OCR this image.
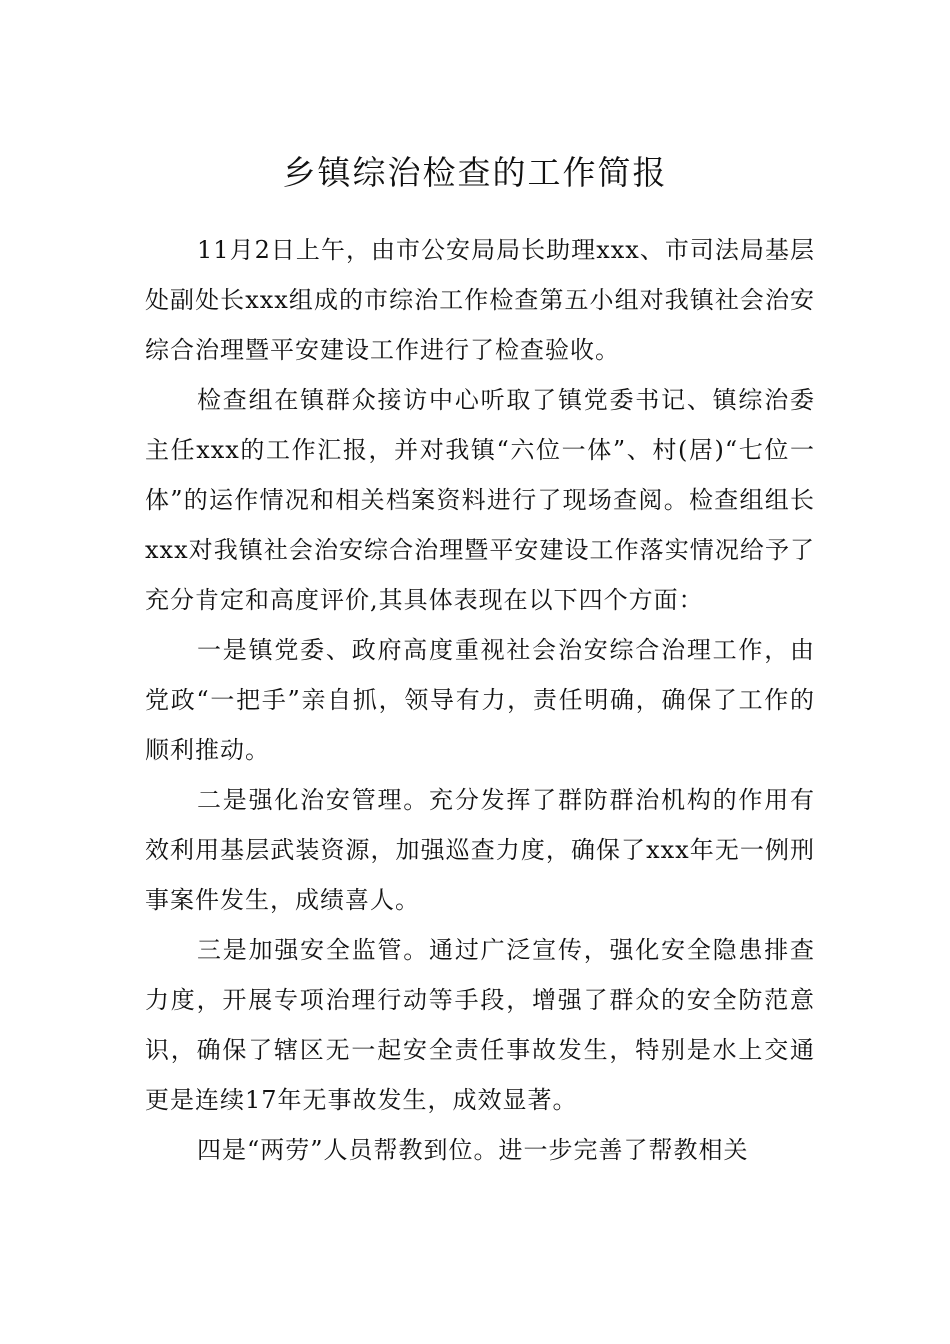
乡镇综治检查的工作简报

11月2日上午，由市公安局局长助理xxx、市司法局基层处副处长xxx组成的市综治工作检查第五小组对我镇社会治安综合治理暨平安建设工作进行了检查验收。

检查组在镇群众接访中心听取了镇党委书记、镇综治委主任xxx的工作汇报，并对我镇“六位一体”、村(居)“七位一体”的运作情况和相关档案资料进行了现场查阅。检查组组长xxx对我镇社会治安综合治理暨平安建设工作落实情况给予了充分肯定和高度评价,其具体表现在以下四个方面：

一是镇党委、政府高度重视社会治安综合治理工作，由党政“一把手”亲自抓，领导有力，责任明确，确保了工作的顺利推动。

二是强化治安管理。充分发挥了群防群治机构的作用有效利用基层武装资源，加强巡查力度，确保了xxx年无一例刑事案件发生，成绩喜人。

三是加强安全监管。通过广泛宣传，强化安全隐患排查力度，开展专项治理行动等手段，增强了群众的安全防范意识，确保了辖区无一起安全责任事故发生，特别是水上交通更是连续17年无事故发生，成效显著。

四是“两劳”人员帮教到位。进一步完善了帮教相关
